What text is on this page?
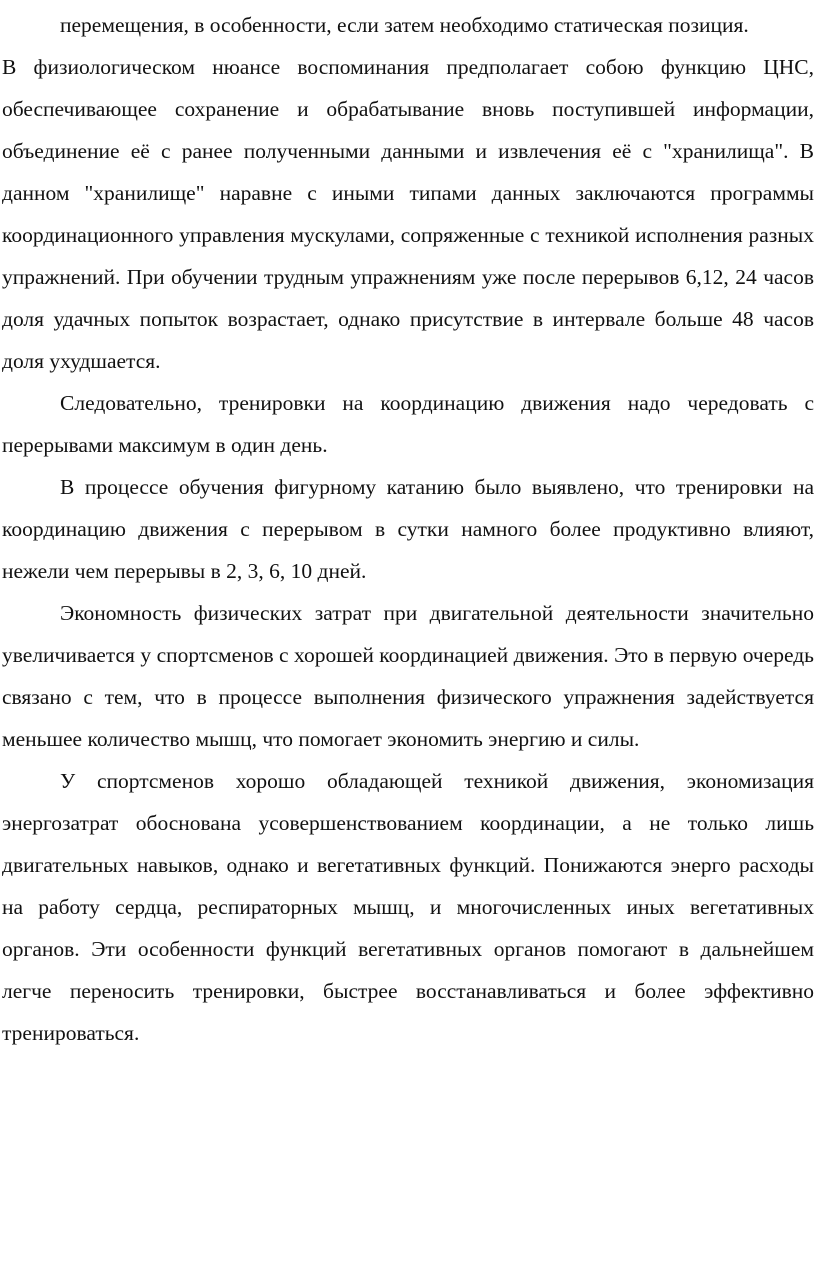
перемещения, в особенности, если затем необходимо статическая позиция.

В физиологическом нюансе воспоминания предполагает собою функцию ЦНС, обеспечивающее сохранение и обрабатывание вновь поступившей информации, объединение её с ранее полученными данными и извлечения её с "хранилища". В данном "хранилище" наравне с иными типами данных заключаются программы координационного управления мускулами, сопряженные с техникой исполнения разных упражнений. При обучении трудным упражнениям уже после перерывов 6,12, 24 часов доля удачных попыток возрастает, однако присутствие в интервале больше 48 часов доля ухудшается.

Следовательно, тренировки на координацию движения надо чередовать с перерывами максимум в один день.

В процессе обучения фигурному катанию было выявлено, что тренировки на координацию движения с перерывом в сутки намного более продуктивно влияют, нежели чем перерывы в 2, 3, 6, 10 дней.

Экономность физических затрат при двигательной деятельности значительно увеличивается у спортсменов с хорошей координацией движения. Это в первую очередь связано с тем, что в процессе выполнения физического упражнения задействуется меньшее количество мышц, что помогает экономить энергию и силы.

У спортсменов хорошо обладающей техникой движения, экономизация энергозатрат обоснована усовершенствованием координации, а не только лишь двигательных навыков, однако и вегетативных функций. Понижаются энерго расходы на работу сердца, респираторных мышц, и многочисленных иных вегетативных органов. Эти особенности функций вегетативных органов помогают в дальнейшем легче переносить тренировки, быстрее восстанавливаться и более эффективно тренироваться.
